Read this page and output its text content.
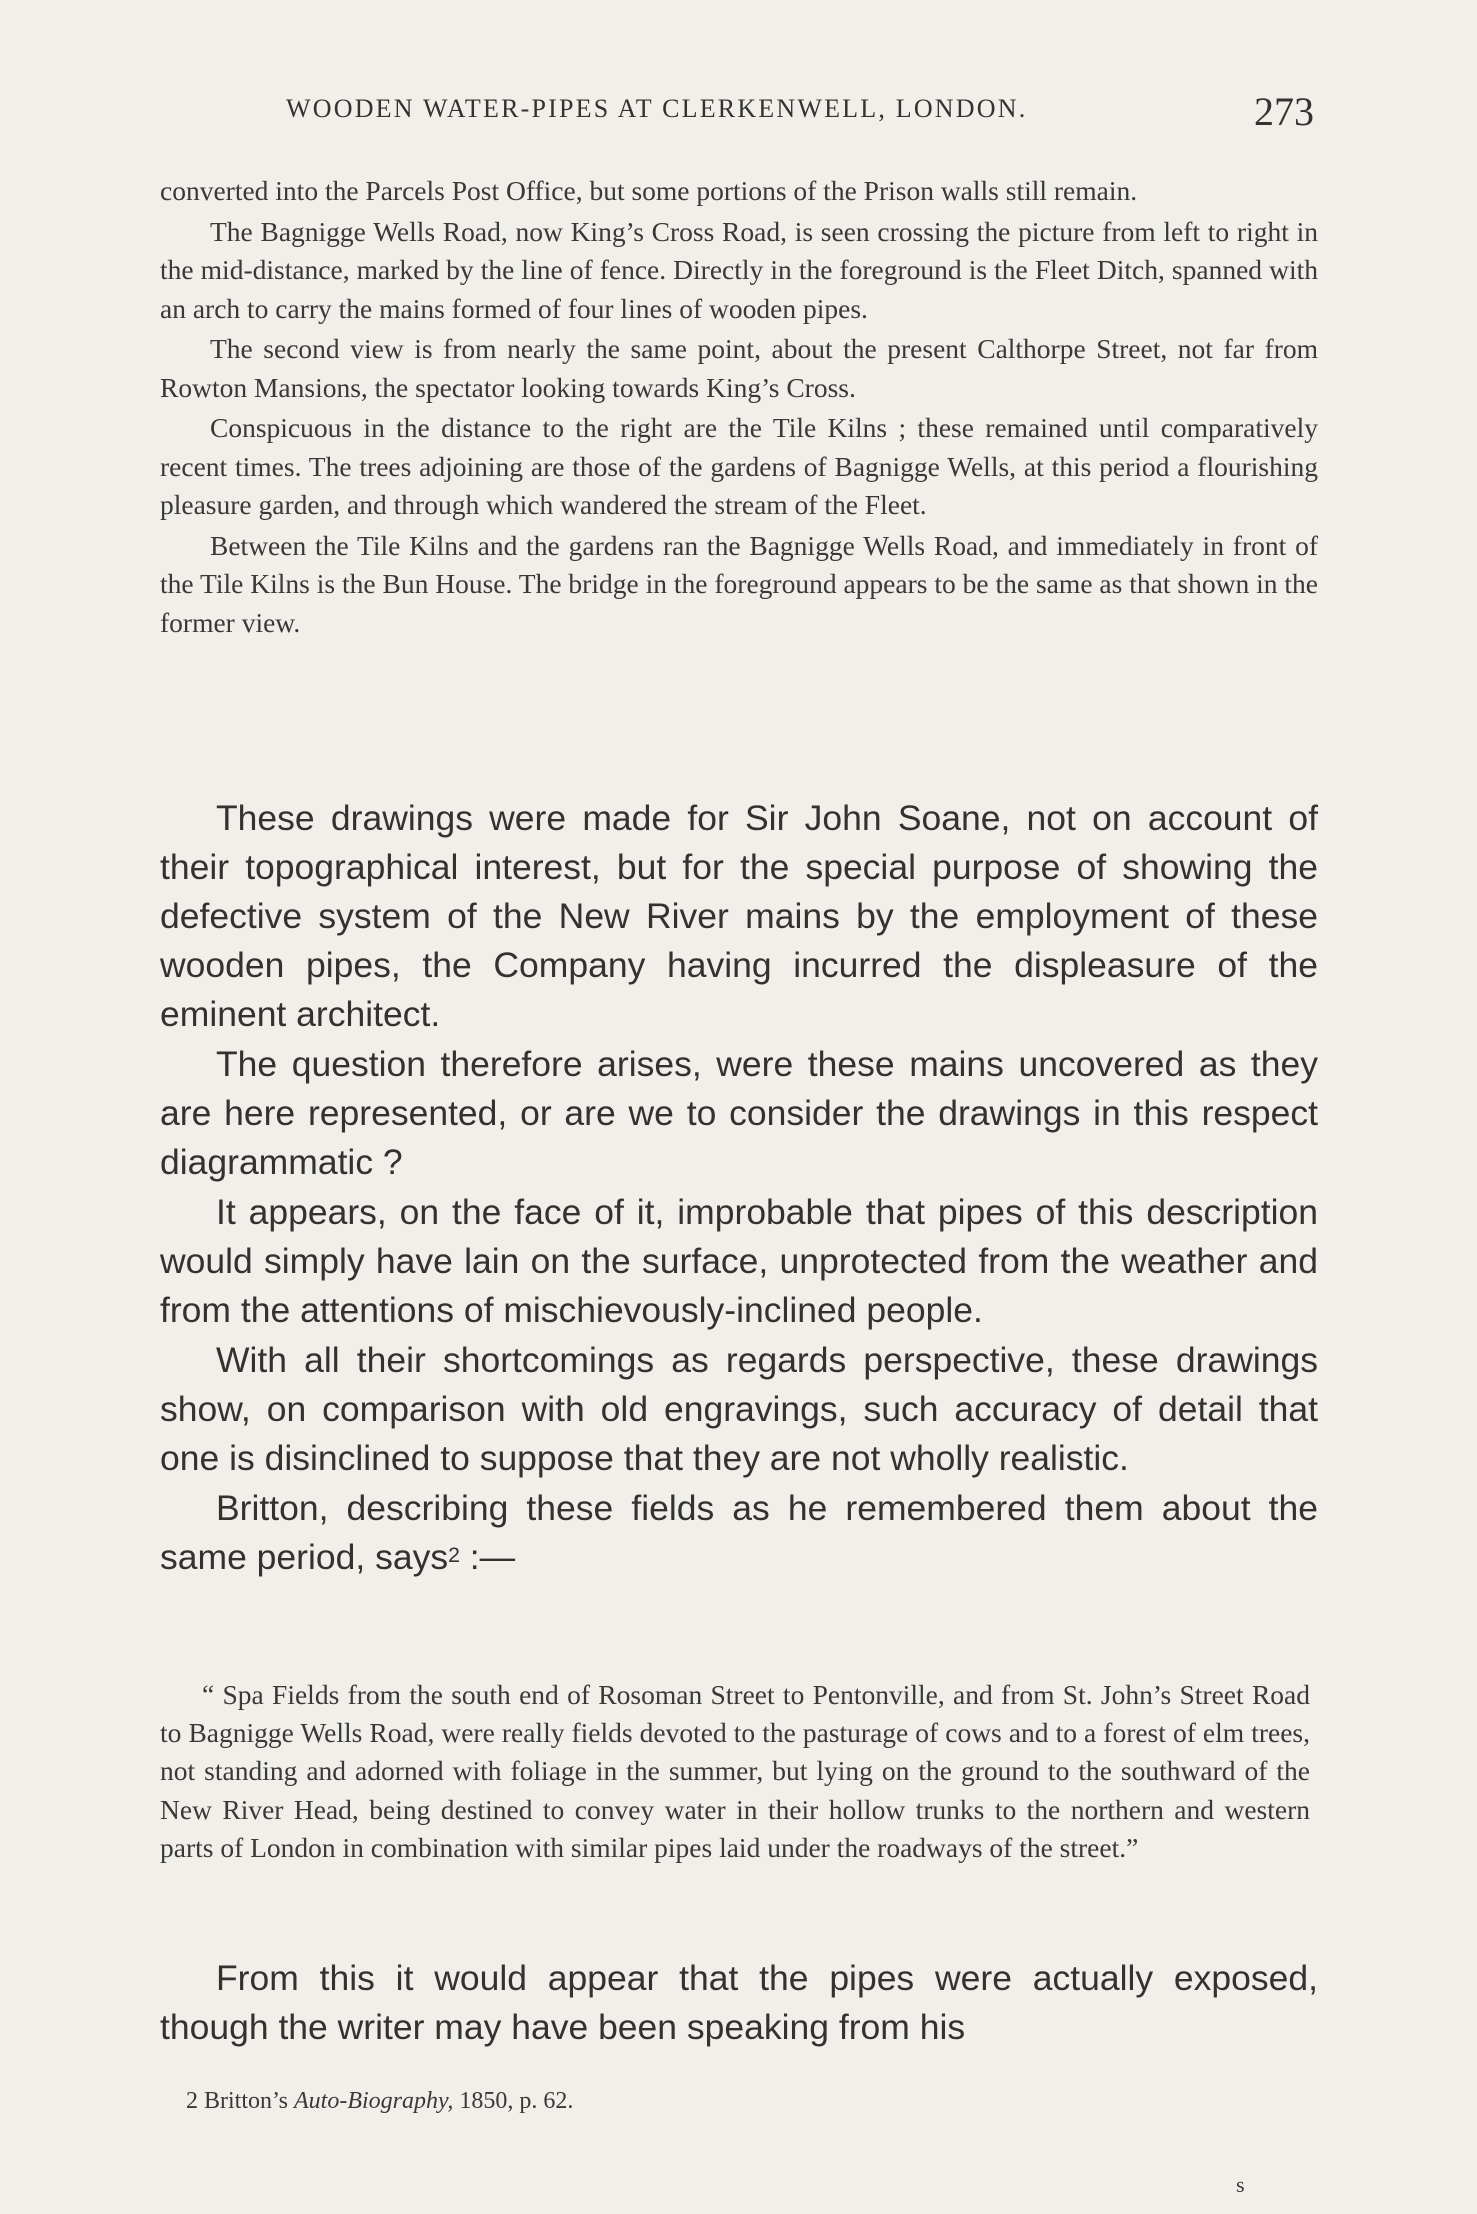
WOODEN WATER-PIPES AT CLERKENWELL, LONDON.	273

converted into the Parcels Post Office, but some portions of the Prison walls still remain.

The Bagnigge Wells Road, now King’s Cross Road, is seen crossing the picture from left to right in the mid-distance, marked by the line of fence. Directly in the foreground is the Fleet Ditch, spanned with an arch to carry the mains formed of four lines of wooden pipes.

The second view is from nearly the same point, about the present Calthorpe Street, not far from Rowton Mansions, the spectator looking towards King’s Cross.

Conspicuous in the distance to the right are the Tile Kilns ; these remained until comparatively recent times. The trees adjoining are those of the gardens of Bagnigge Wells, at this period a flourishing pleasure garden, and through which wandered the stream of the Fleet.

Between the Tile Kilns and the gardens ran the Bagnigge Wells Road, and immediately in front of the Tile Kilns is the Bun House. The bridge in the foreground appears to be the same as that shown in the former view.

These drawings were made for Sir John Soane, not on account of their topographical interest, but for the special purpose of showing the defective system of the New River mains by the employment of these wooden pipes, the Company having incurred the displeasure of the eminent architect.

The question therefore arises, were these mains uncovered as they are here represented, or are we to consider the drawings in this respect diagrammatic ?

It appears, on the face of it, improbable that pipes of this description would simply have lain on the surface, unprotected from the weather and from the attentions of mischievously-inclined people.

With all their shortcomings as regards perspective, these drawings show, on comparison with old engravings, such accuracy of detail that one is disinclined to suppose that they are not wholly realistic.

Britton, describing these fields as he remembered them about the same period, says$^2$ :—

“ Spa Fields from the south end of Rosoman Street to Pentonville, and from St. John’s Street Road to Bagnigge Wells Road, were really fields devoted to the pasturage of cows and to a forest of elm trees, not standing and adorned with foliage in the summer, but lying on the ground to the southward of the New River Head, being destined to convey water in their hollow trunks to the northern and western parts of London in combination with similar pipes laid under the roadways of the street.”

From this it would appear that the pipes were actually exposed, though the writer may have been speaking from his

2 Britton’s Auto-Biography, 1850, p. 62.
s
